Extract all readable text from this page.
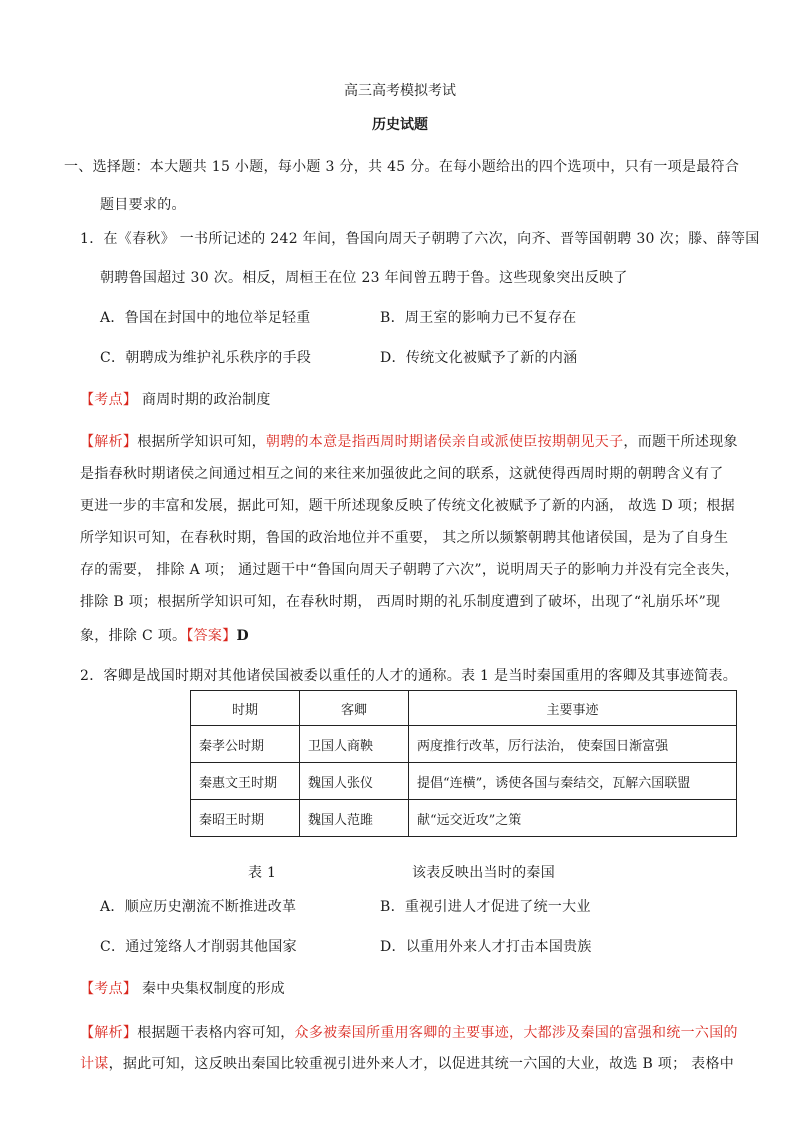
高三高考模拟考试
历史试题
一、选择题：本大题共 15 小题，每小题 3 分，共 45 分。在每小题给出的四个选项中，只有一项是最符合
题目要求的。
1．在《春秋》 一书所记述的 242 年间，鲁国向周天子朝聘了六次，向齐、晋等国朝聘 30 次；滕、薛等国
朝聘鲁国超过 30 次。相反，周桓王在位 23 年间曾五聘于鲁。这些现象突出反映了
A．鲁国在封国中的地位举足轻重	B．周王室的影响力已不复存在
C．朝聘成为维护礼乐秩序的手段	D．传统文化被赋予了新的内涵
【考点】 商周时期的政治制度
【解析】根据所学知识可知，朝聘的本意是指西周时期诸侯亲自或派使臣按期朝见天子，而题干所述现象
是指春秋时期诸侯之间通过相互之间的来往来加强彼此之间的联系，这就使得西周时期的朝聘含义有了
更进一步的丰富和发展，据此可知，题干所述现象反映了传统文化被赋予了新的内涵， 故选 D 项；根据
所学知识可知，在春秋时期，鲁国的政治地位并不重要， 其之所以频繁朝聘其他诸侯国，是为了自身生
存的需要， 排除 A 项； 通过题干中“鲁国向周天子朝聘了六次”，说明周天子的影响力并没有完全丧失，
排除 B 项；根据所学知识可知，在春秋时期， 西周时期的礼乐制度遭到了破坏，出现了“礼崩乐坏”现
象，排除 C 项。【答案】D
2．客卿是战国时期对其他诸侯国被委以重任的人才的通称。表 1 是当时秦国重用的客卿及其事迹简表。
时期	客卿	主要事迹
秦孝公时期	卫国人商鞅	两度推行改革，厉行法治， 使秦国日渐富强
秦惠文王时期	魏国人张仪	提倡“连横”，诱使各国与秦结交，瓦解六国联盟
秦昭王时期	魏国人范雎	献“远交近攻”之策
表 1	该表反映出当时的秦国
A．顺应历史潮流不断推进改革	B．重视引进人才促进了统一大业
C．通过笼络人才削弱其他国家	D．以重用外来人才打击本国贵族
【考点】 秦中央集权制度的形成
【解析】根据题干表格内容可知，众多被秦国所重用客卿的主要事迹，大都涉及秦国的富强和统一六国的
计谋，据此可知，这反映出秦国比较重视引进外来人才，以促进其统一六国的大业，故选 B 项； 表格中
